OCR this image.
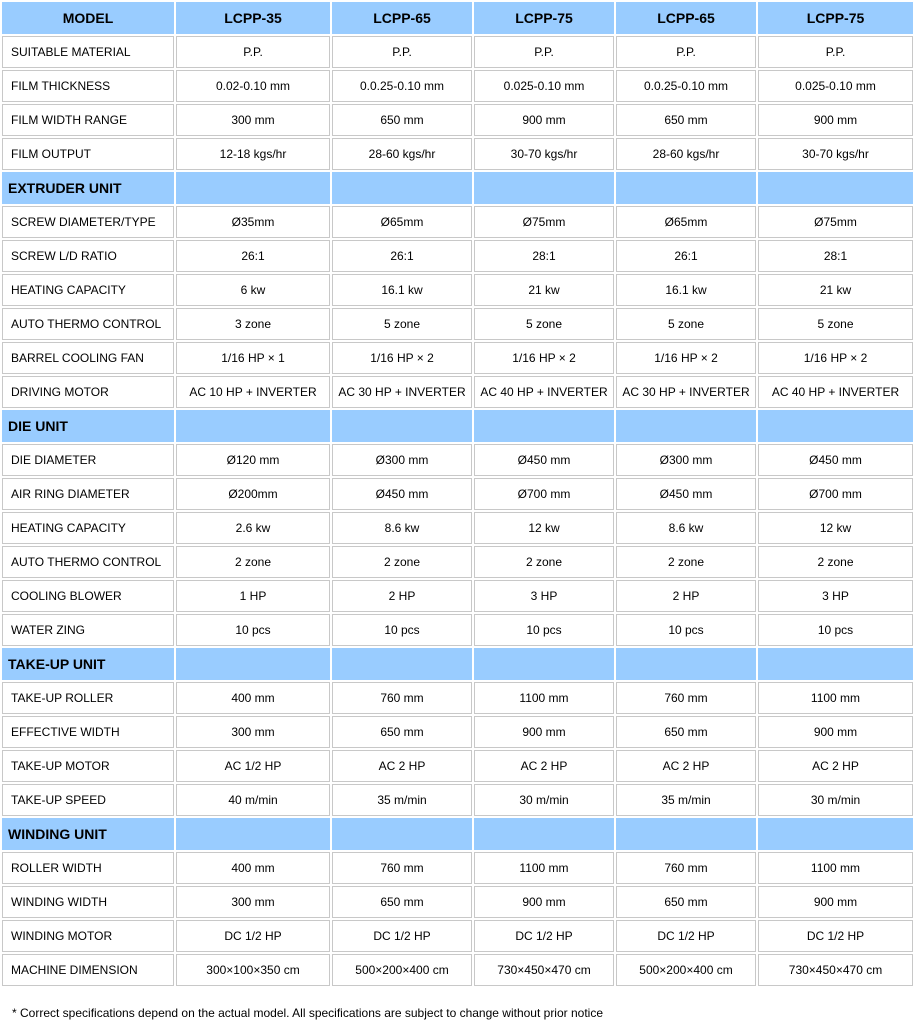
MODEL	LCPP-35	LCPP-65	LCPP-75	LCPP-65	LCPP-75
SUITABLE MATERIAL	P.P.	P.P.	P.P.	P.P.	P.P.
FILM THICKNESS	0.02-0.10 mm	0.0.25-0.10 mm	0.025-0.10 mm	0.0.25-0.10 mm	0.025-0.10 mm
FILM WIDTH RANGE	300 mm	650 mm	900 mm	650 mm	900 mm
FILM OUTPUT	12-18 kgs/hr	28-60 kgs/hr	30-70 kgs/hr	28-60 kgs/hr	30-70 kgs/hr
EXTRUDER UNIT					
SCREW DIAMETER/TYPE	Ø35mm	Ø65mm	Ø75mm	Ø65mm	Ø75mm
SCREW L/D RATIO	26:1	26:1	28:1	26:1	28:1
HEATING CAPACITY	6 kw	16.1 kw	21 kw	16.1 kw	21 kw
AUTO THERMO CONTROL	3 zone	5 zone	5 zone	5 zone	5 zone
BARREL COOLING FAN	1/16 HP × 1	1/16 HP × 2	1/16 HP × 2	1/16 HP × 2	1/16 HP × 2
DRIVING MOTOR	AC 10 HP + INVERTER	AC 30 HP + INVERTER	AC 40 HP + INVERTER	AC 30 HP + INVERTER	AC 40 HP + INVERTER
DIE UNIT					
DIE DIAMETER	Ø120 mm	Ø300 mm	Ø450 mm	Ø300 mm	Ø450 mm
AIR RING DIAMETER	Ø200mm	Ø450 mm	Ø700 mm	Ø450 mm	Ø700 mm
HEATING CAPACITY	2.6 kw	8.6 kw	12 kw	8.6 kw	12 kw
AUTO THERMO CONTROL	2 zone	2 zone	2 zone	2 zone	2 zone
COOLING BLOWER	1 HP	2 HP	3 HP	2 HP	3 HP
WATER ZING	10 pcs	10 pcs	10 pcs	10 pcs	10 pcs
TAKE-UP UNIT					
TAKE-UP ROLLER	400 mm	760 mm	1100 mm	760 mm	1100 mm
EFFECTIVE WIDTH	300 mm	650 mm	900 mm	650 mm	900 mm
TAKE-UP MOTOR	AC 1/2 HP	AC 2 HP	AC 2 HP	AC 2 HP	AC 2 HP
TAKE-UP SPEED	40 m/min	35 m/min	30 m/min	35 m/min	30 m/min
WINDING UNIT					
ROLLER WIDTH	400 mm	760 mm	1100 mm	760 mm	1100 mm
WINDING WIDTH	300 mm	650 mm	900 mm	650 mm	900 mm
WINDING MOTOR	DC 1/2 HP	DC 1/2 HP	DC 1/2 HP	DC 1/2 HP	DC 1/2 HP
MACHINE DIMENSION	300×100×350 cm	500×200×400 cm	730×450×470 cm	500×200×400 cm	730×450×470 cm
* Correct specifications depend on the actual model. All specifications are subject to change without prior notice
